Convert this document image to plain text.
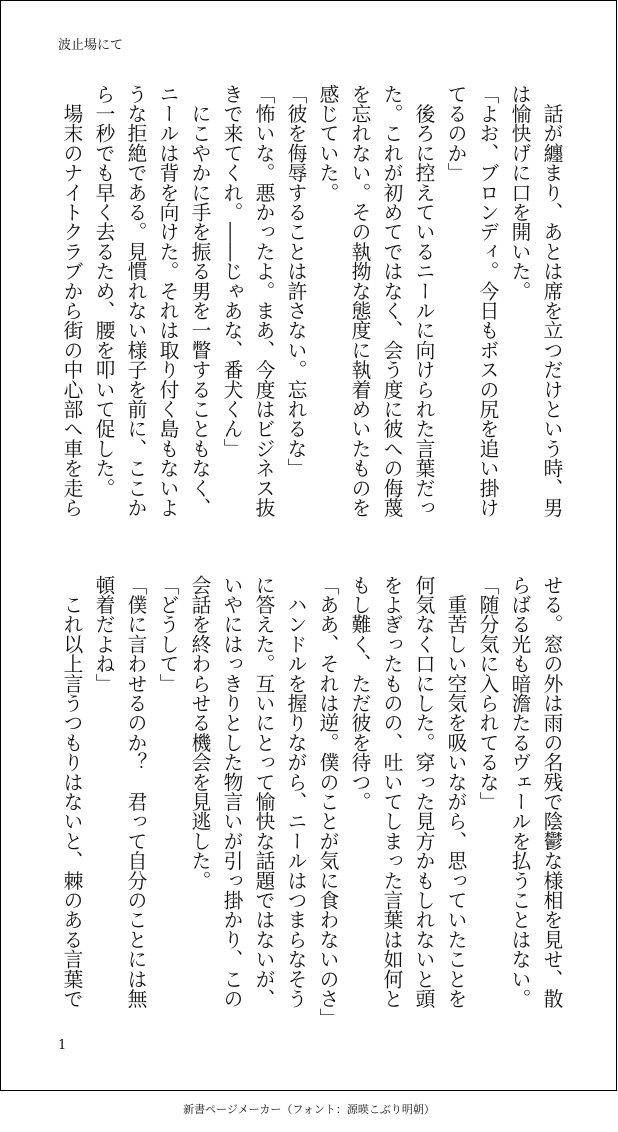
波止場にて
　話が纏まり、あとは席を立つだけという時、男
は愉快げに口を開いた。
「よお、ブロンディ。今日もボスの尻を追い掛け
てるのか」
　後ろに控えているニールに向けられた言葉だっ
た。これが初めてではなく、会う度に彼への侮蔑
を忘れない。その執拗な態度に執着めいたものを
感じていた。
「彼を侮辱することは許さない。忘れるな」
「怖いな。悪かったよ。まあ、今度はビジネス抜
きで来てくれ。――じゃあな、番犬くん」
　にこやかに手を振る男を一瞥することもなく、
ニールは背を向けた。それは取り付く島もないよ
うな拒絶である。見慣れない様子を前に、ここか
ら一秒でも早く去るため、腰を叩いて促した。
　場末のナイトクラブから街の中心部へ車を走ら
せる。窓の外は雨の名残で陰鬱な様相を見せ、散
らばる光も暗澹たるヴェールを払うことはない。
「随分気に入られてるな」
　重苦しい空気を吸いながら、思っていたことを
何気なく口にした。穿った見方かもしれないと頭
をよぎったものの、吐いてしまった言葉は如何と
もし難く、ただ彼を待つ。
「ああ、それは逆。僕のことが気に食わないのさ」
　ハンドルを握りながら、ニールはつまらなそう
に答えた。互いにとって愉快な話題ではないが、
いやにはっきりとした物言いが引っ掛かり、この
会話を終わらせる機会を見逃した。
「どうして」
「僕に言わせるのか？　君って自分のことには無
頓着だよね」
　これ以上言うつもりはないと、棘のある言葉で
1
新書ページメーカー（フォント：源暎こぶり明朝）
